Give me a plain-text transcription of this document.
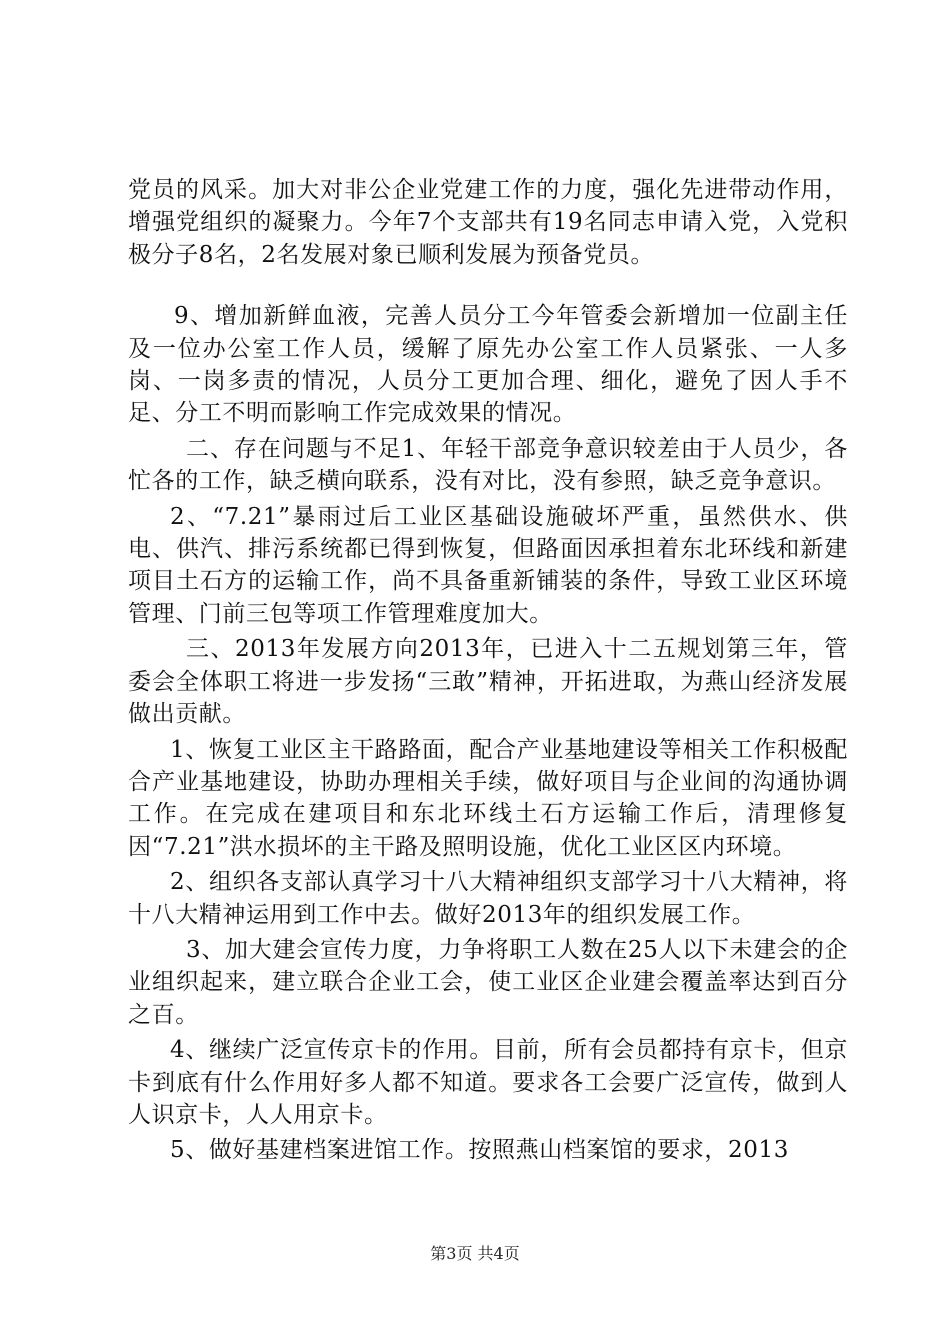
党员的风采。加大对非公企业党建工作的力度，强化先进带动作用，增强党组织的凝聚力。今年7个支部共有19名同志申请入党，入党积极分子8名，2名发展对象已顺利发展为预备党员。

9、增加新鲜血液，完善人员分工今年管委会新增加一位副主任及一位办公室工作人员，缓解了原先办公室工作人员紧张、一人多岗、一岗多责的情况，人员分工更加合理、细化，避免了因人手不足、分工不明而影响工作完成效果的情况。

二、存在问题与不足1、年轻干部竞争意识较差由于人员少，各忙各的工作，缺乏横向联系，没有对比，没有参照，缺乏竞争意识。

2、“7.21”暴雨过后工业区基础设施破坏严重，虽然供水、供电、供汽、排污系统都已得到恢复，但路面因承担着东北环线和新建项目土石方的运输工作，尚不具备重新铺装的条件，导致工业区环境管理、门前三包等项工作管理难度加大。

三、2013年发展方向2013年，已进入十二五规划第三年，管委会全体职工将进一步发扬“三敢”精神，开拓进取，为燕山经济发展做出贡献。

1、恢复工业区主干路路面，配合产业基地建设等相关工作积极配合产业基地建设，协助办理相关手续，做好项目与企业间的沟通协调工作。在完成在建项目和东北环线土石方运输工作后，清理修复因“7.21”洪水损坏的主干路及照明设施，优化工业区区内环境。

2、组织各支部认真学习十八大精神组织支部学习十八大精神，将十八大精神运用到工作中去。做好2013年的组织发展工作。

3、加大建会宣传力度，力争将职工人数在25人以下未建会的企业组织起来，建立联合企业工会，使工业区企业建会覆盖率达到百分之百。

4、继续广泛宣传京卡的作用。目前，所有会员都持有京卡，但京卡到底有什么作用好多人都不知道。要求各工会要广泛宣传，做到人人识京卡，人人用京卡。

5、做好基建档案进馆工作。按照燕山档案馆的要求，2013

第3页 共4页
